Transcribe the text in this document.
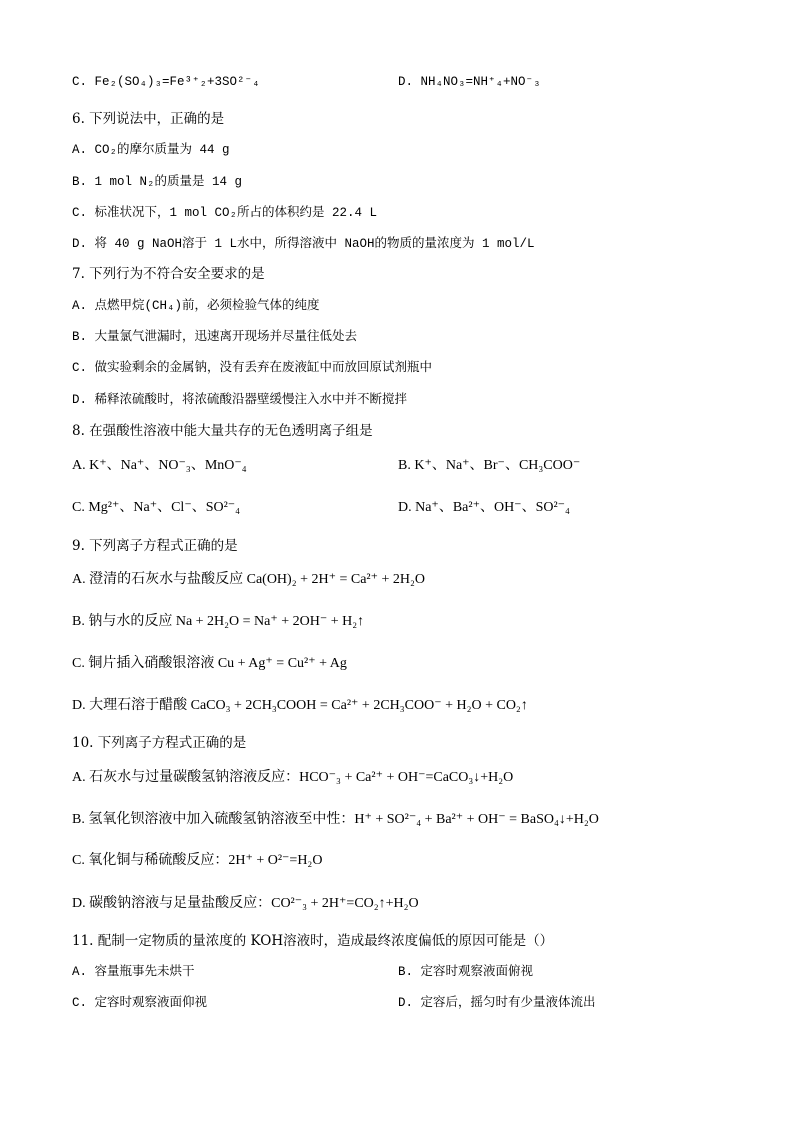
C. Fe₂(SO₄)₃=Fe³⁺₂+3SO²⁻₄	D. NH₄NO₃=NH⁺₄+NO⁻₃
6. 下列说法中，正确的是
A. CO₂的摩尔质量为 44 g
B. 1 mol N₂的质量是 14 g
C. 标准状况下，1 mol CO₂所占的体积约是 22.4 L
D. 将 40 g NaOH溶于 1 L水中，所得溶液中 NaOH的物质的量浓度为 1 mol/L
7. 下列行为不符合安全要求的是
A. 点燃甲烷(CH₄)前，必须检验气体的纯度
B. 大量氯气泄漏时，迅速离开现场并尽量往低处去
C. 做实验剩余的金属钠，没有丢弃在废液缸中而放回原试剂瓶中
D. 稀释浓硫酸时，将浓硫酸沿器壁缓慢注入水中并不断搅拌
8. 在强酸性溶液中能大量共存的无色透明离子组是
A. K⁺、Na⁺、NO⁻₃、MnO⁻₄	B. K⁺、Na⁺、Br⁻、CH₃COO⁻
C. Mg²⁺、Na⁺、Cl⁻、SO²⁻₄	D. Na⁺、Ba²⁺、OH⁻、SO²⁻₄
9. 下列离子方程式正确的是
A. 澄清的石灰水与盐酸反应 Ca(OH)₂ + 2H⁺ = Ca²⁺ + 2H₂O
B. 钠与水的反应 Na + 2H₂O = Na⁺ + 2OH⁻ + H₂↑
C. 铜片插入硝酸银溶液 Cu + Ag⁺ = Cu²⁺ + Ag
D. 大理石溶于醋酸 CaCO₃ + 2CH₃COOH = Ca²⁺ + 2CH₃COO⁻ + H₂O + CO₂↑
10. 下列离子方程式正确的是
A. 石灰水与过量碳酸氢钠溶液反应：HCO⁻₃ + Ca²⁺ + OH⁻=CaCO₃↓+H₂O
B. 氢氧化钡溶液中加入硫酸氢钠溶液至中性：H⁺ + SO²⁻₄ + Ba²⁺ + OH⁻ = BaSO₄↓+H₂O
C. 氧化铜与稀硫酸反应：2H⁺ + O²⁻=H₂O
D. 碳酸钠溶液与足量盐酸反应：CO²⁻₃ + 2H⁺=CO₂↑+H₂O
11. 配制一定物质的量浓度的 KOH溶液时，造成最终浓度偏低的原因可能是（）
A. 容量瓶事先未烘干	B. 定容时观察液面俯视
C. 定容时观察液面仰视	D. 定容后，摇匀时有少量液体流出
